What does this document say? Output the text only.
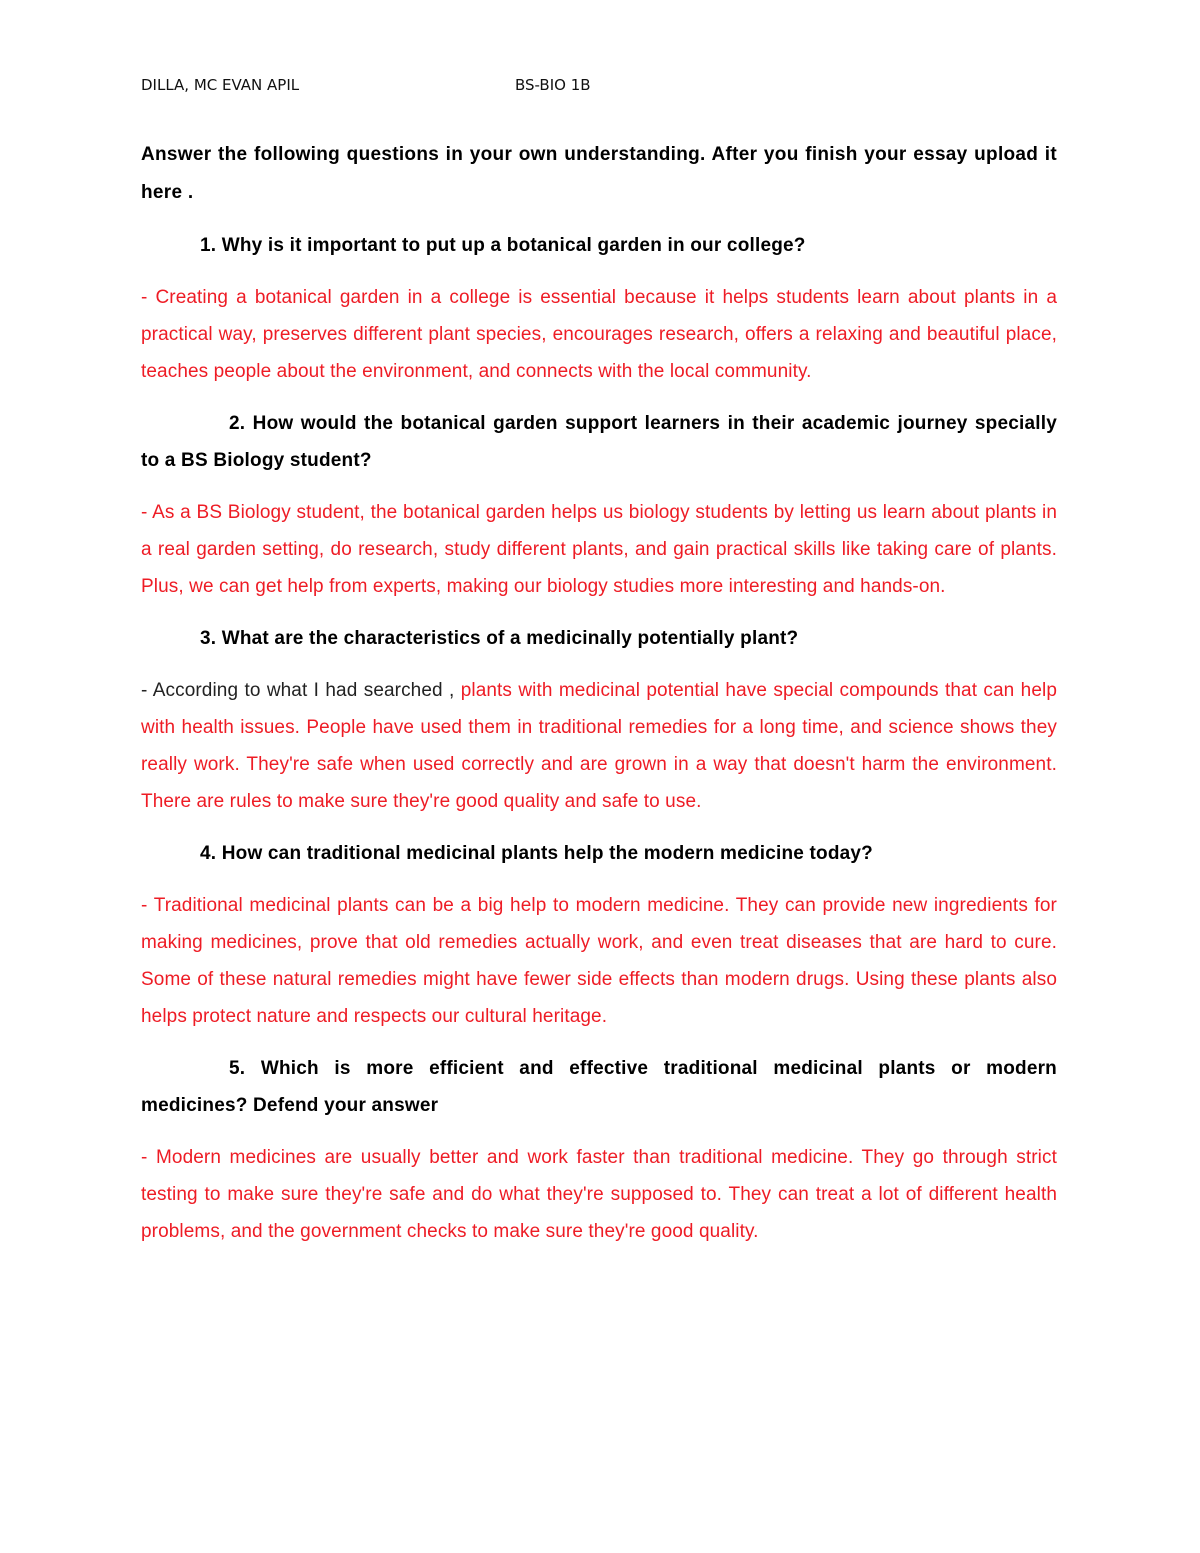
DILLA, MC EVAN APIL	BS-BIO 1B

Answer the following questions in your own understanding. After you finish your essay upload it here .

1. Why is it important to put up a botanical garden in our college?

- Creating a botanical garden in a college is essential because it helps students learn about plants in a practical way, preserves different plant species, encourages research, offers a relaxing and beautiful place, teaches people about the environment, and connects with the local community.

2. How would the botanical garden support learners in their academic journey specially to a BS Biology student?

- As a BS Biology student, the botanical garden helps us biology students by letting us learn about plants in a real garden setting, do research, study different plants, and gain practical skills like taking care of plants. Plus, we can get help from experts, making our biology studies more interesting and hands-on.

3. What are the characteristics of a medicinally potentially plant?

- According to what I had searched , plants with medicinal potential have special compounds that can help with health issues. People have used them in traditional remedies for a long time, and science shows they really work. They're safe when used correctly and are grown in a way that doesn't harm the environment. There are rules to make sure they're good quality and safe to use.

4. How can traditional medicinal plants help the modern medicine today?

- Traditional medicinal plants can be a big help to modern medicine. They can provide new ingredients for making medicines, prove that old remedies actually work, and even treat diseases that are hard to cure. Some of these natural remedies might have fewer side effects than modern drugs. Using these plants also helps protect nature and respects our cultural heritage.

5. Which is more efficient and effective traditional medicinal plants or modern medicines? Defend your answer

- Modern medicines are usually better and work faster than traditional medicine. They go through strict testing to make sure they're safe and do what they're supposed to. They can treat a lot of different health problems, and the government checks to make sure they're good quality.
